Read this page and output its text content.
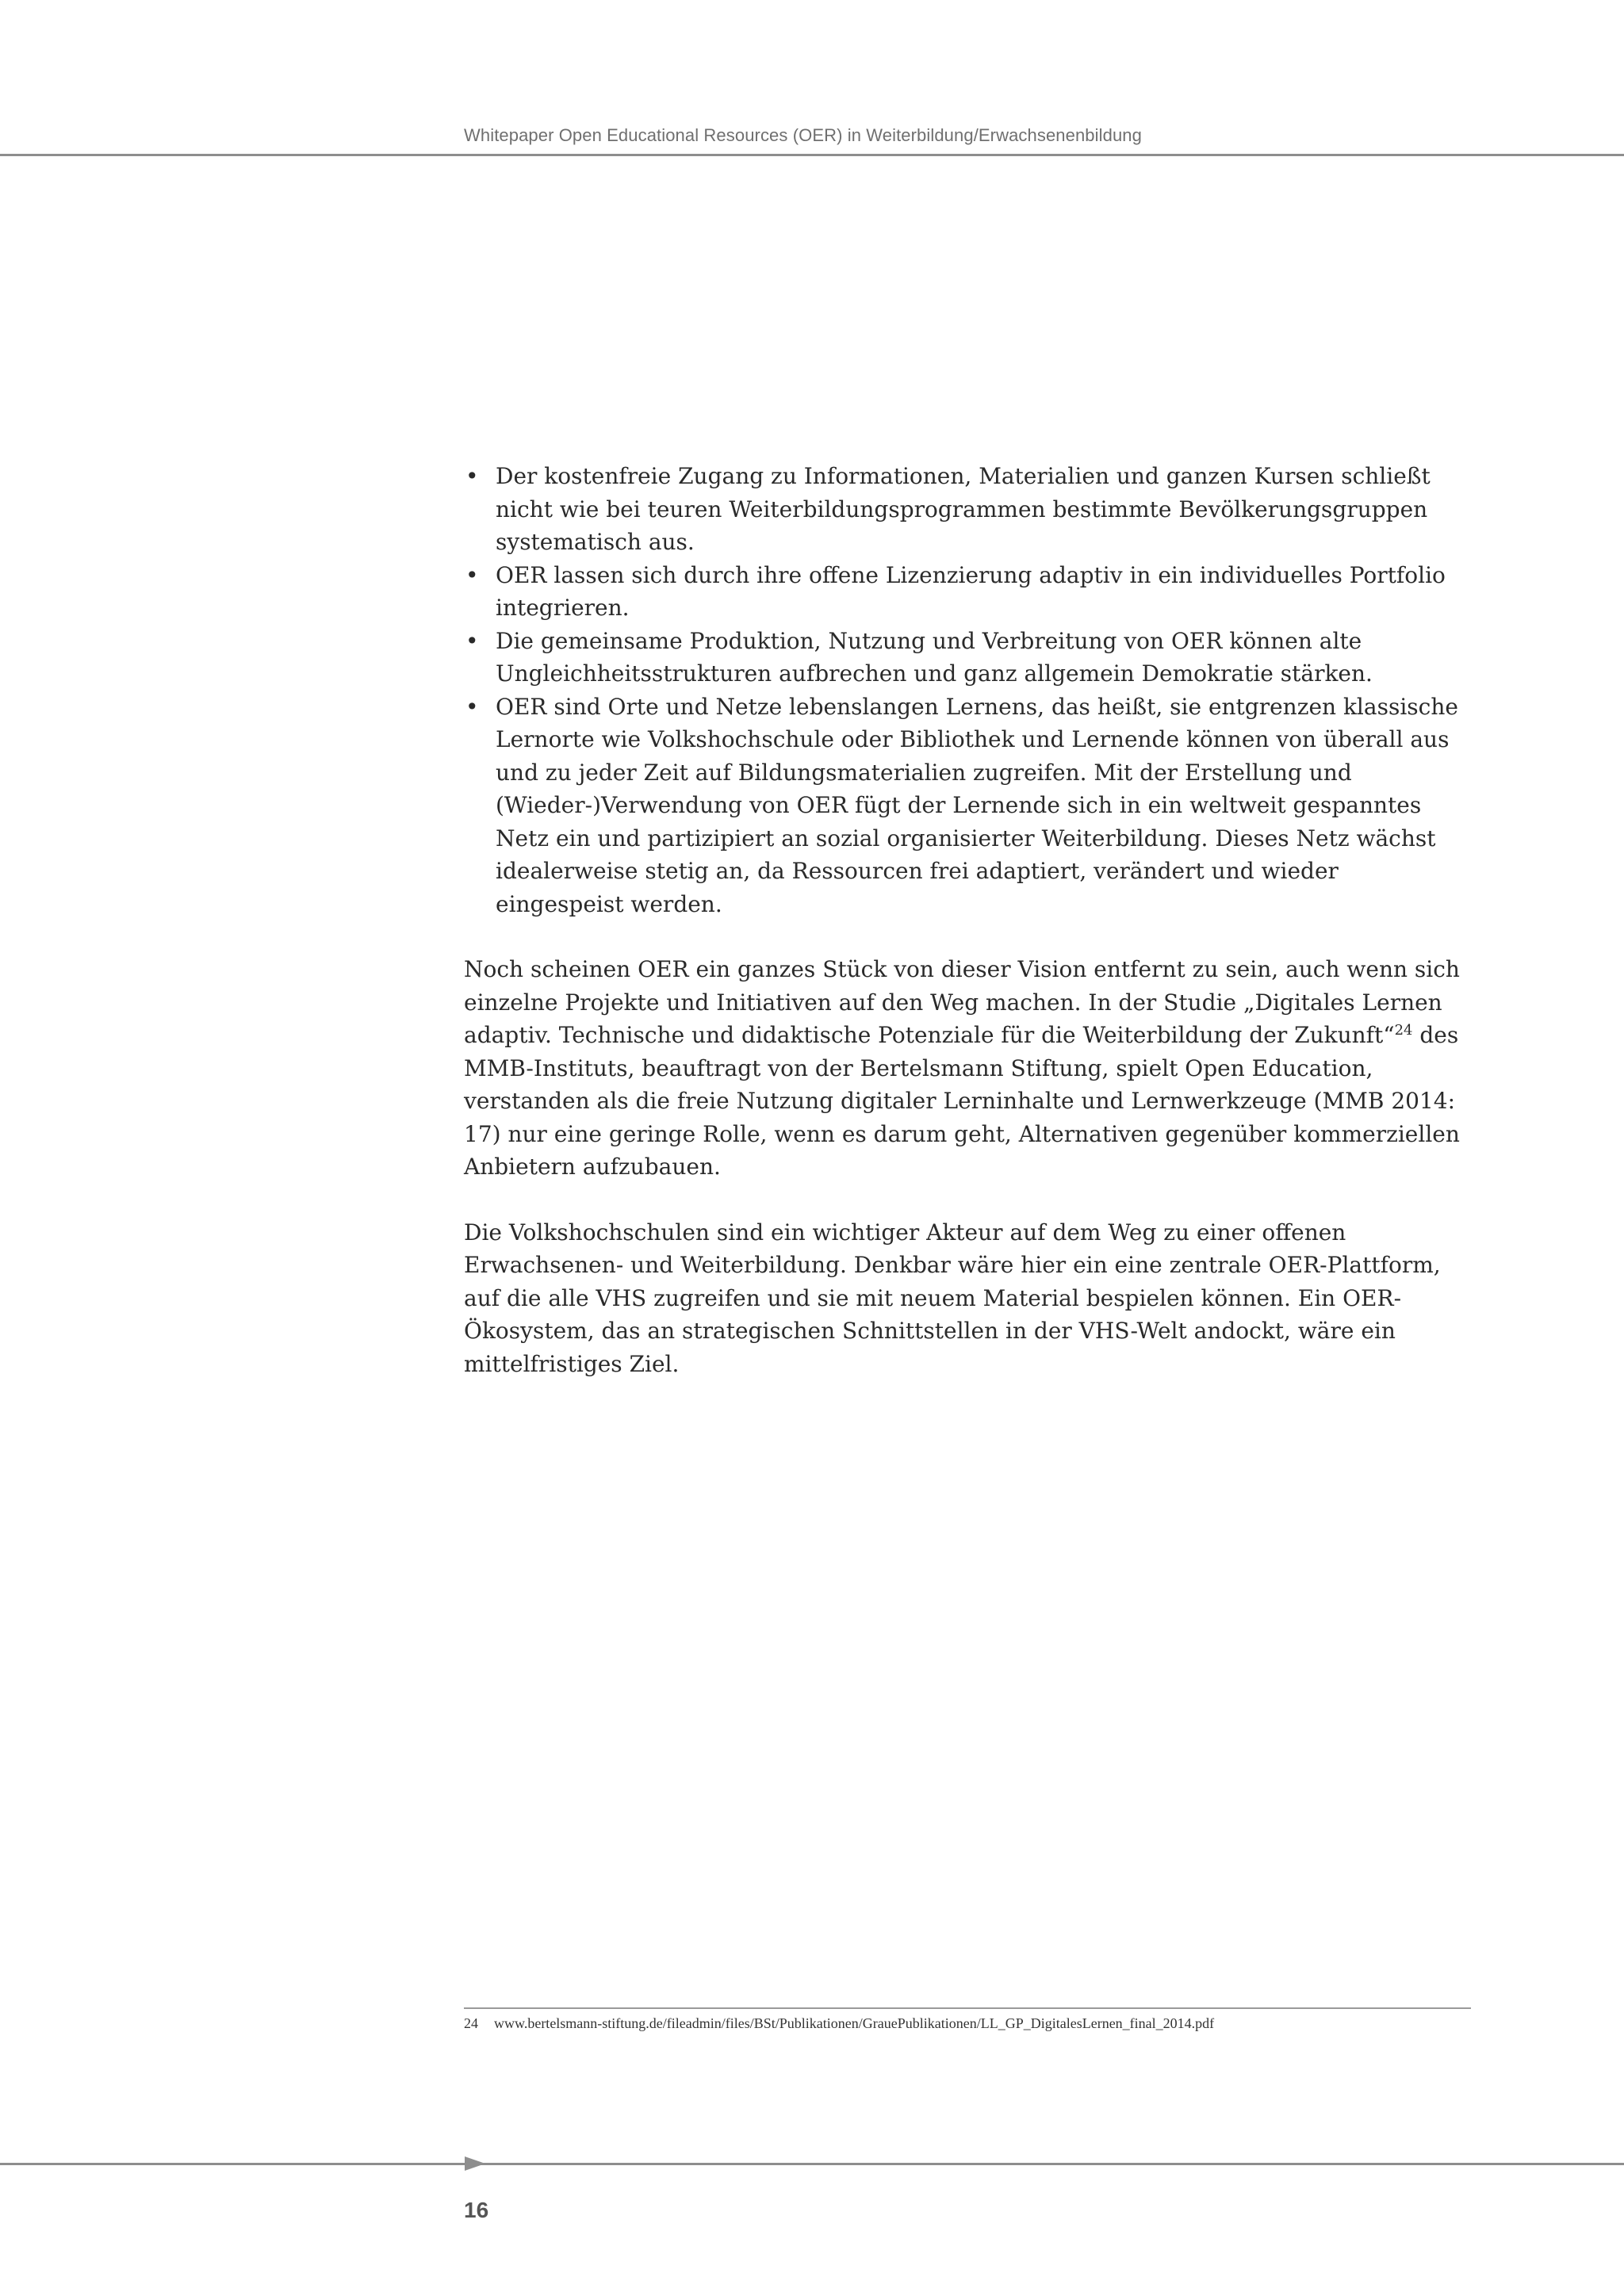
Whitepaper Open Educational Resources (OER) in Weiterbildung/Erwachsenenbildung
• Der kostenfreie Zugang zu Informationen, Materialien und ganzen Kursen schließt nicht wie bei teuren Weiterbildungsprogrammen bestimmte Bevölkerungsgruppen systematisch aus.
• OER lassen sich durch ihre offene Lizenzierung adaptiv in ein individuelles Portfolio integrieren.
• Die gemeinsame Produktion, Nutzung und Verbreitung von OER können alte Ungleichheitsstrukturen aufbrechen und ganz allgemein Demokratie stärken.
• OER sind Orte und Netze lebenslangen Lernens, das heißt, sie entgrenzen klassische Lernorte wie Volkshochschule oder Bibliothek und Lernende können von überall aus und zu jeder Zeit auf Bildungsmaterialien zugreifen. Mit der Erstellung und (Wieder-)Verwendung von OER fügt der Lernende sich in ein weltweit gespanntes Netz ein und partizipiert an sozial organisierter Weiterbildung. Dieses Netz wächst idealerweise stetig an, da Ressourcen frei adaptiert, verändert und wieder eingespeist werden.

Noch scheinen OER ein ganzes Stück von dieser Vision entfernt zu sein, auch wenn sich einzelne Projekte und Initiativen auf den Weg machen. In der Studie „Digitales Lernen adaptiv. Technische und didaktische Potenziale für die Weiterbildung der Zukunft“$^{24}$ des MMB-Instituts, beauftragt von der Bertelsmann Stiftung, spielt Open Education, verstanden als die freie Nutzung digitaler Lerninhalte und Lernwerkzeuge (MMB 2014: 17) nur eine geringe Rolle, wenn es darum geht, Alternativen gegenüber kommerziellen Anbietern aufzubauen.

Die Volkshochschulen sind ein wichtiger Akteur auf dem Weg zu einer offenen Erwachsenen- und Weiterbildung. Denkbar wäre hier ein eine zentrale OER-Plattform, auf die alle VHS zugreifen und sie mit neuem Material bespielen können. Ein OER-Ökosystem, das an strategischen Schnittstellen in der VHS-Welt andockt, wäre ein mittelfristiges Ziel.

24 www.bertelsmann-stiftung.de/fileadmin/files/BSt/Publikationen/GrauePublikationen/LL_GP_DigitalesLernen_final_2014.pdf
16
